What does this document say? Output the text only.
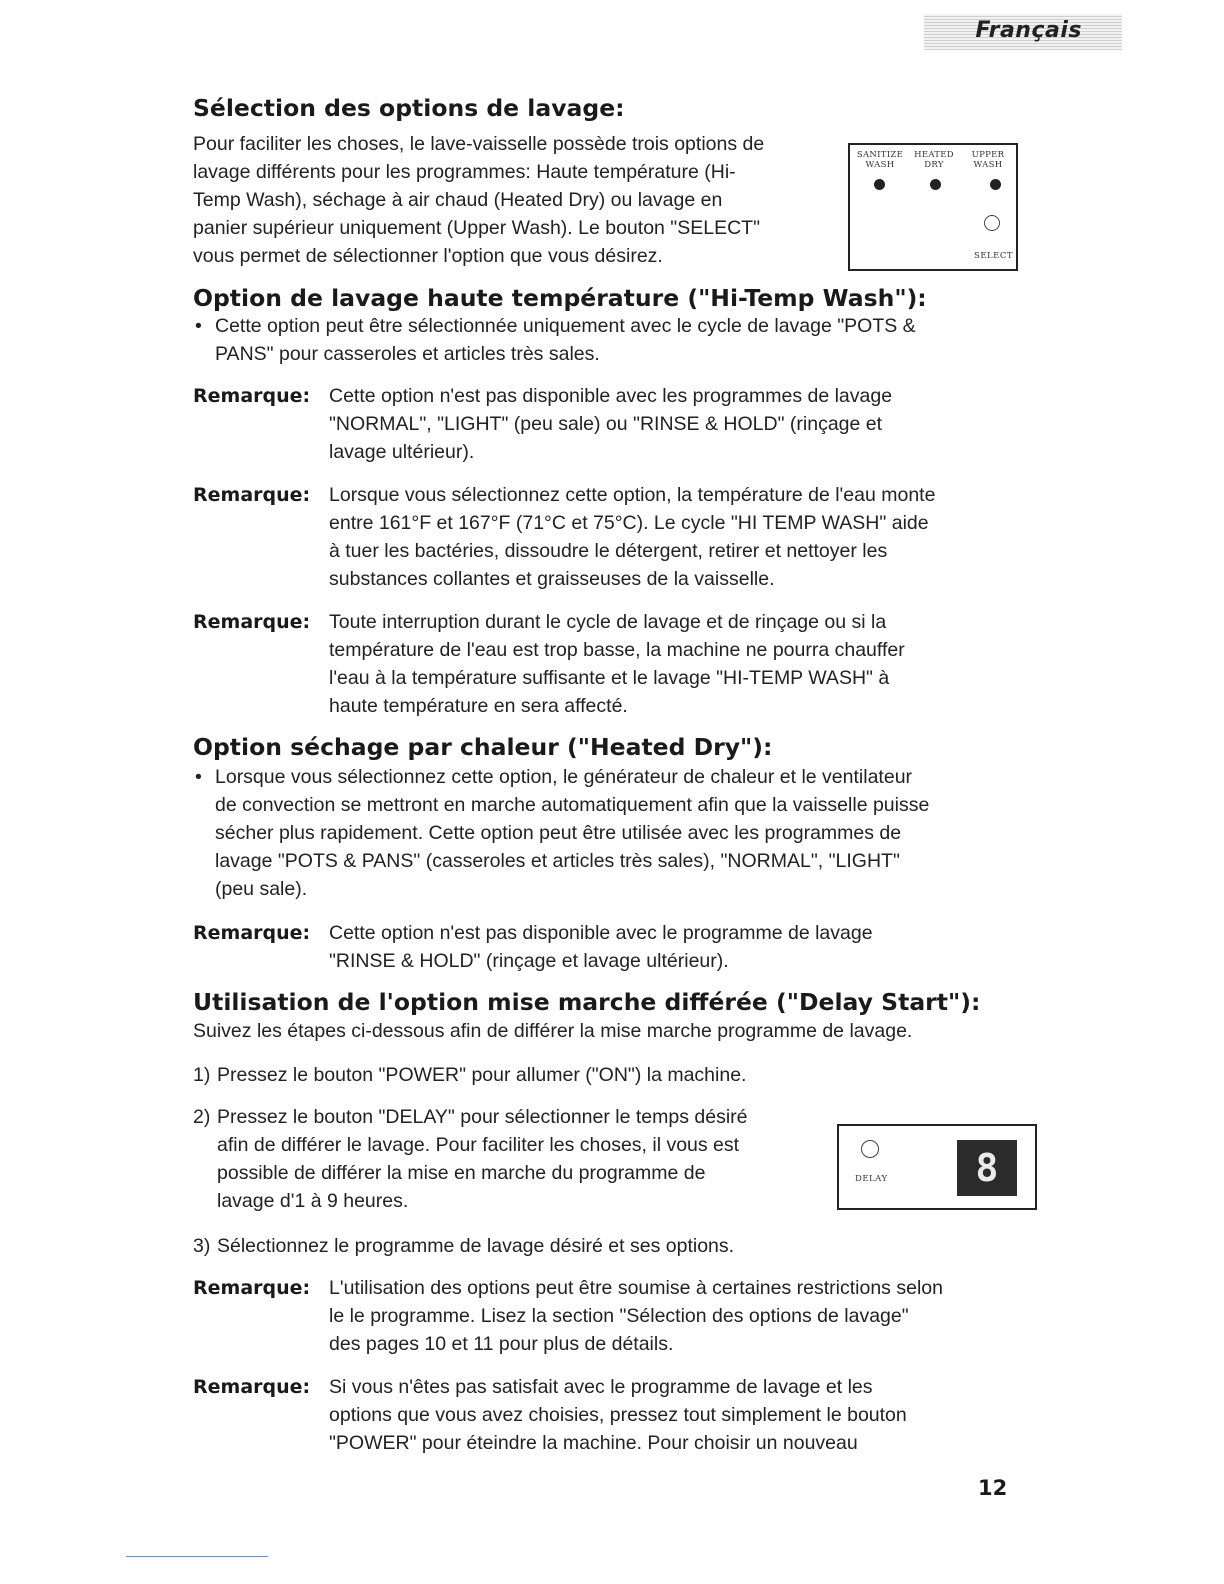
Français
Sélection des options de lavage:

Pour faciliter les choses, le lave-vaisselle possède trois options de
lavage différents pour les programmes: Haute température (Hi-
Temp Wash), séchage à air chaud (Heated Dry) ou lavage en
panier supérieur uniquement (Upper Wash). Le bouton "SELECT"
vous permet de sélectionner l'option que vous désirez.

SANITIZE
WASH
HEATED
DRY
UPPER
WASH
SELECT
Option de lavage haute température ("Hi-Temp Wash"):
• Cette option peut être sélectionnée uniquement avec le cycle de lavage "POTS &
PANS" pour casseroles et articles très sales.
Remarque: Cette option n'est pas disponible avec les programmes de lavage
"NORMAL", "LIGHT" (peu sale) ou "RINSE & HOLD" (rinçage et
lavage ultérieur).
Remarque: Lorsque vous sélectionnez cette option, la température de l'eau monte
entre 161°F et 167°F (71°C et 75°C). Le cycle "HI TEMP WASH" aide
à tuer les bactéries, dissoudre le détergent, retirer et nettoyer les
substances collantes et graisseuses de la vaisselle.
Remarque: Toute interruption durant le cycle de lavage et de rinçage ou si la
température de l'eau est trop basse, la machine ne pourra chauffer
l'eau à la température suffisante et le lavage "HI-TEMP WASH" à
haute température en sera affecté.
Option séchage par chaleur ("Heated Dry"):
• Lorsque vous sélectionnez cette option, le générateur de chaleur et le ventilateur
de convection se mettront en marche automatiquement afin que la vaisselle puisse
sécher plus rapidement. Cette option peut être utilisée avec les programmes de
lavage "POTS & PANS" (casseroles et articles très sales), "NORMAL", "LIGHT"
(peu sale).
Remarque: Cette option n'est pas disponible avec le programme de lavage
"RINSE & HOLD" (rinçage et lavage ultérieur).
Utilisation de l'option mise marche différée ("Delay Start"):

Suivez les étapes ci-dessous afin de différer la mise marche programme de lavage.

1) Pressez le bouton "POWER" pour allumer ("ON") la machine.
2) Pressez le bouton "DELAY" pour sélectionner le temps désiré
afin de différer le lavage. Pour faciliter les choses, il vous est
possible de différer la mise en marche du programme de
lavage d'1 à 9 heures.
DELAY	8
3) Sélectionnez le programme de lavage désiré et ses options.
Remarque: L'utilisation des options peut être soumise à certaines restrictions selon
le le programme. Lisez la section "Sélection des options de lavage"
des pages 10 et 11 pour plus de détails.
Remarque: Si vous n'êtes pas satisfait avec le programme de lavage et les
options que vous avez choisies, pressez tout simplement le bouton
"POWER" pour éteindre la machine. Pour choisir un nouveau
12
